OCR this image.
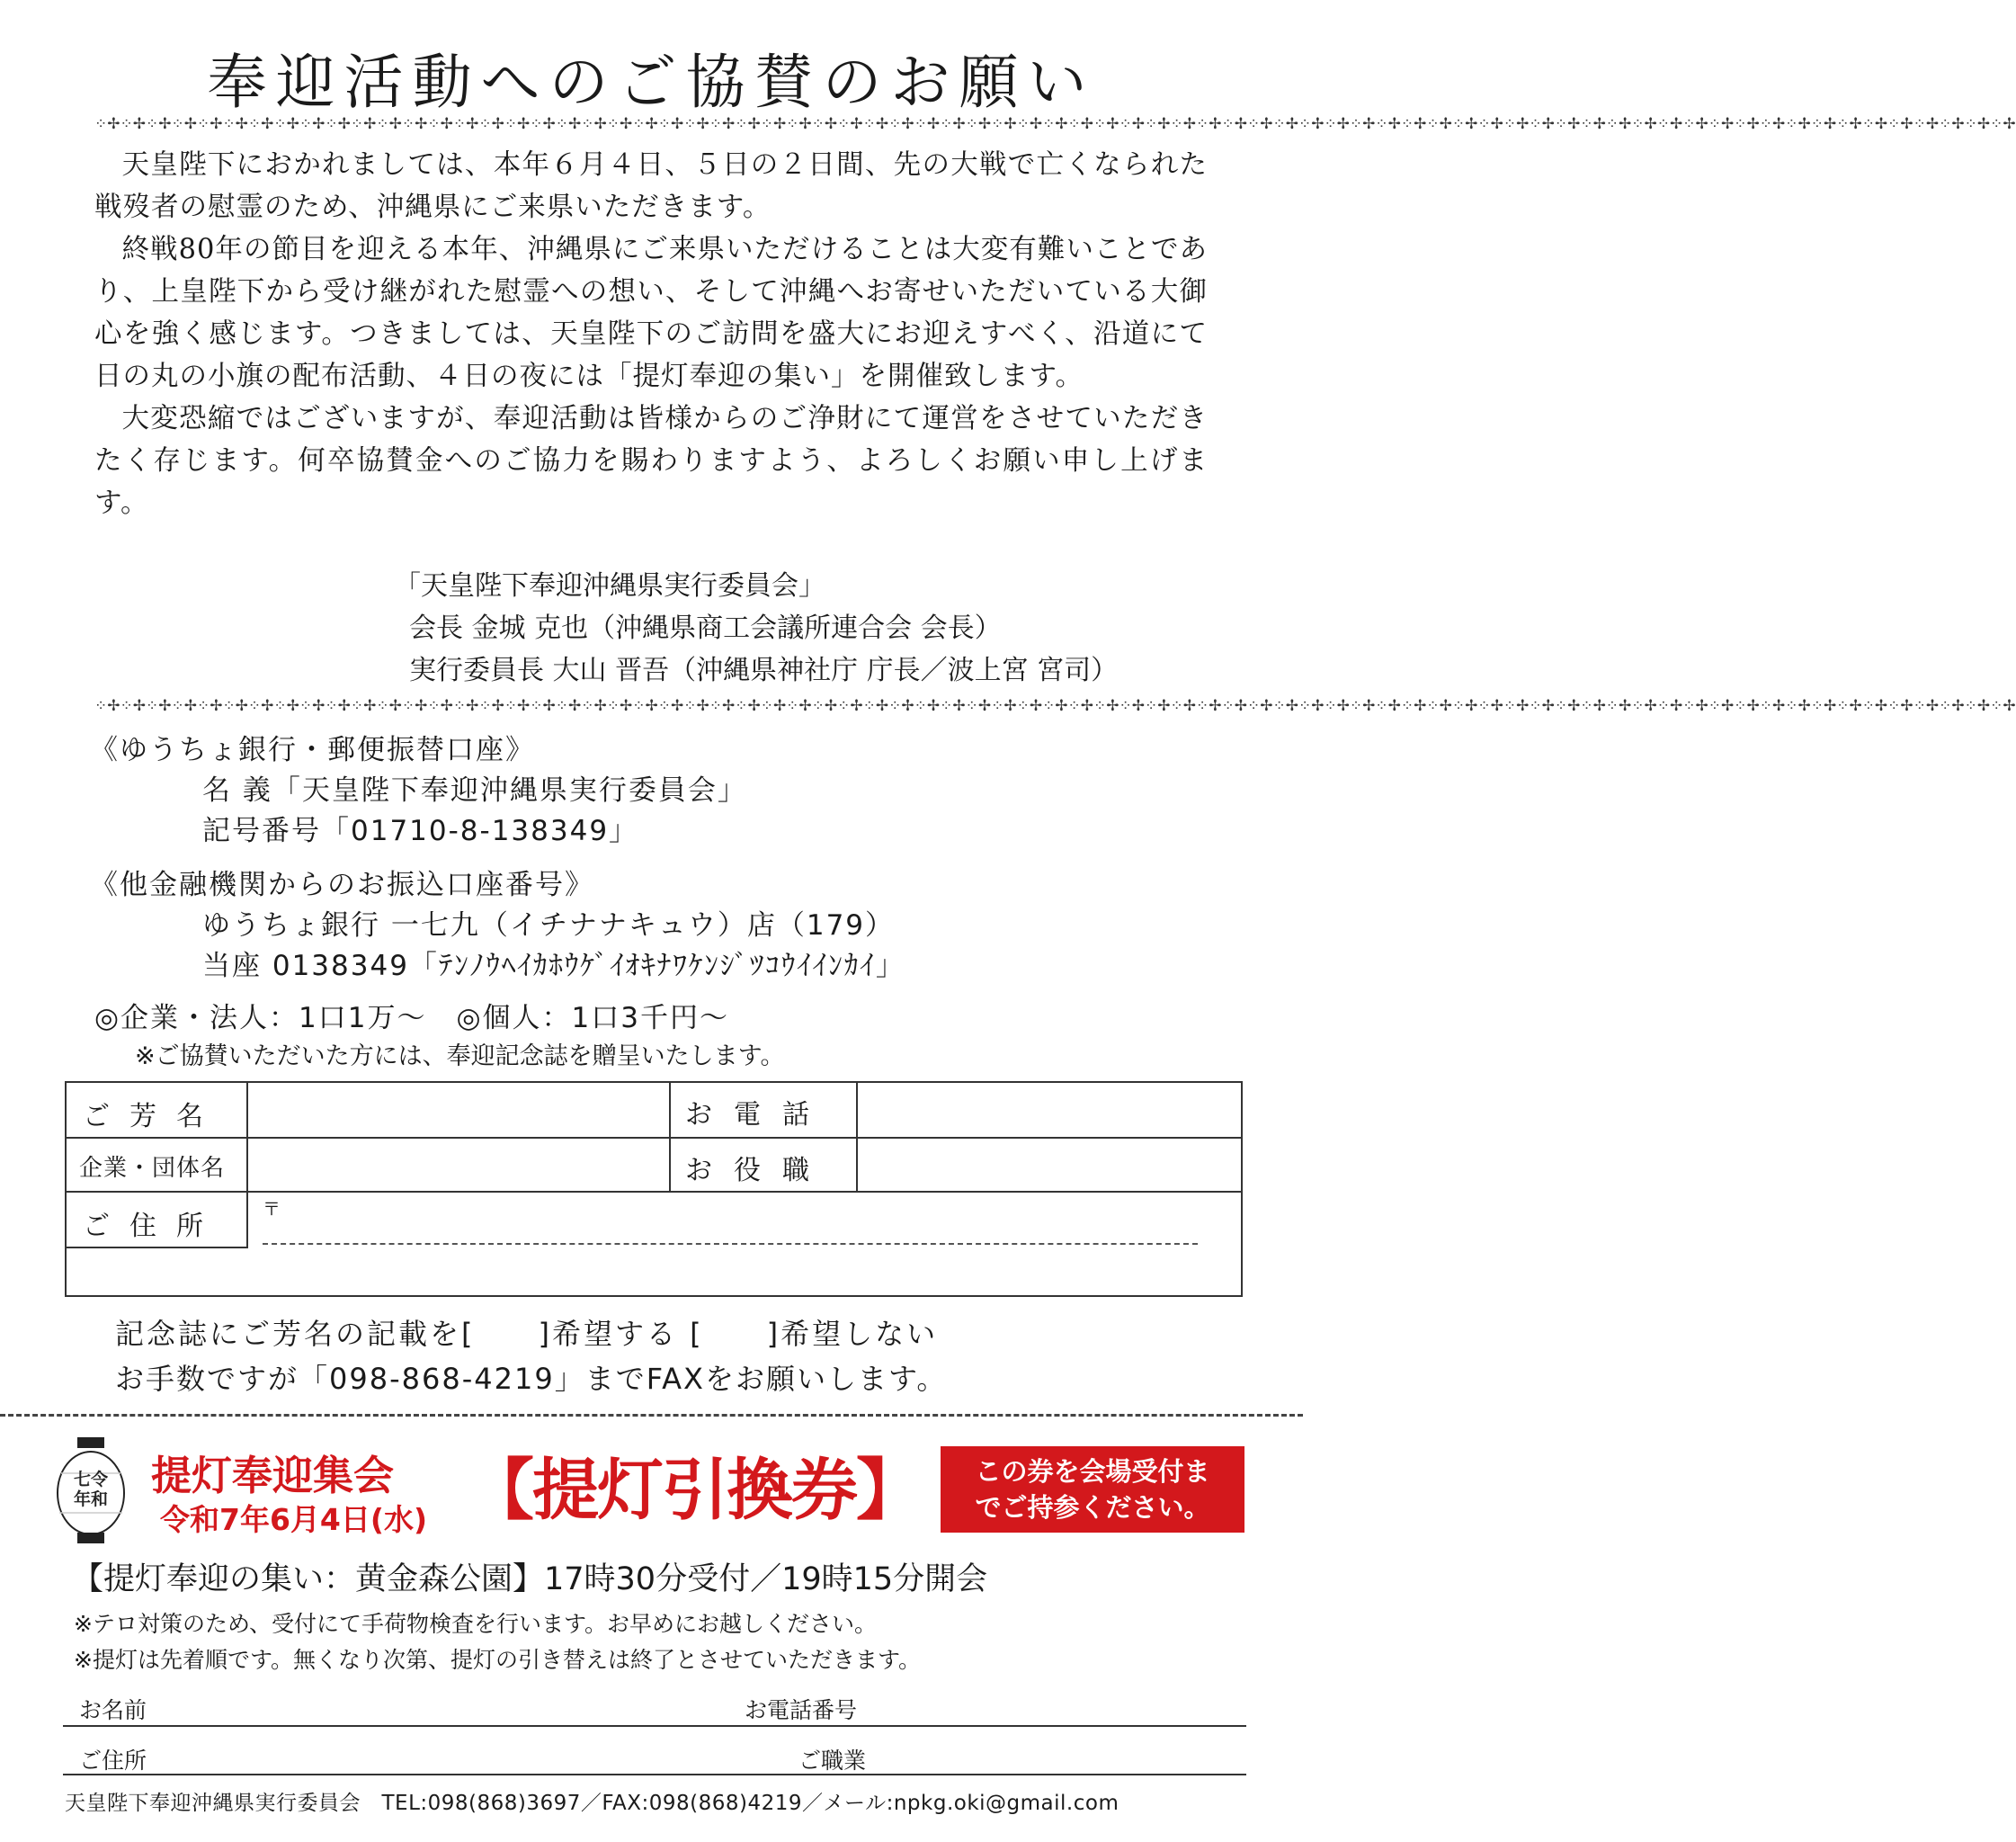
奉迎活動へのご協賛のお願い
⁘✢⁘✢⁘✢⁘✢⁘✢⁘✢⁘✢⁘✢⁘✢⁘✢⁘✢⁘✢⁘✢⁘✢⁘✢⁘✢⁘✢⁘✢⁘✢⁘✢⁘✢⁘✢⁘✢⁘✢⁘✢⁘✢⁘✢⁘✢⁘✢⁘✢⁘✢⁘✢⁘✢⁘✢⁘✢⁘✢⁘✢⁘✢⁘✢⁘✢⁘✢⁘✢⁘✢⁘✢⁘✢⁘✢⁘✢⁘✢⁘✢⁘✢⁘✢⁘✢⁘✢⁘✢⁘✢⁘✢⁘✢⁘✢⁘✢⁘✢⁘✢⁘✢⁘✢⁘✢⁘✢⁘✢⁘✢⁘✢⁘✢⁘✢⁘✢⁘✢⁘✢⁘✢⁘✢

天皇陛下におかれましては、本年６月４日、５日の２日間、先の大戦で亡くなられた戦歿者の慰霊のため、沖縄県にご来県いただきます。

終戦80年の節目を迎える本年、沖縄県にご来県いただけることは大変有難いことであり、上皇陛下から受け継がれた慰霊への想い、そして沖縄へお寄せいただいている大御心を強く感じます。つきましては、天皇陛下のご訪問を盛大にお迎えすべく、沿道にて日の丸の小旗の配布活動、４日の夜には「提灯奉迎の集い」を開催致します。

大変恐縮ではございますが、奉迎活動は皆様からのご浄財にて運営をさせていただきたく存じます。何卒協賛金へのご協力を賜わりますよう、よろしくお願い申し上げます。

「天皇陛下奉迎沖縄県実行委員会」
会長 金城 克也（沖縄県商工会議所連合会 会長）
実行委員長 大山 晋吾（沖縄県神社庁 庁長／波上宮 宮司）
⁘✢⁘✢⁘✢⁘✢⁘✢⁘✢⁘✢⁘✢⁘✢⁘✢⁘✢⁘✢⁘✢⁘✢⁘✢⁘✢⁘✢⁘✢⁘✢⁘✢⁘✢⁘✢⁘✢⁘✢⁘✢⁘✢⁘✢⁘✢⁘✢⁘✢⁘✢⁘✢⁘✢⁘✢⁘✢⁘✢⁘✢⁘✢⁘✢⁘✢⁘✢⁘✢⁘✢⁘✢⁘✢⁘✢⁘✢⁘✢⁘✢⁘✢⁘✢⁘✢⁘✢⁘✢⁘✢⁘✢⁘✢⁘✢⁘✢⁘✢⁘✢⁘✢⁘✢⁘✢⁘✢⁘✢⁘✢⁘✢⁘✢⁘✢⁘✢⁘✢⁘✢⁘✢⁘✢
《ゆうちょ銀行・郵便振替口座》
名 義「天皇陛下奉迎沖縄県実行委員会」
記号番号「01710-8-138349」
《他金融機関からのお振込口座番号》
ゆうちょ銀行 一七九（イチナナキュウ）店（179）
当座 0138349「ﾃﾝﾉｳﾍｲｶﾎｳｹﾞｲｵｷﾅﾜｹﾝｼﾞﾂｺｳｲｲﾝｶｲ」
◎企業・法人：1口1万～　◎個人：1口3千円～
※ご協賛いただいた方には、奉迎記念誌を贈呈いたします。
ご芳名	お電話
企業・団体名	お役職
ご住所
〒
記念誌にご芳名の記載を[　　]希望する [　　]希望しない
お手数ですが「098-868-4219」までFAXをお願いします。
七令
年和 提灯奉迎集会
令和7年6月4日(水) 【提灯引換券】	この券を会場受付ま
でご持参ください。
【提灯奉迎の集い：黄金森公園】17時30分受付／19時15分開会
※テロ対策のため、受付にて手荷物検査を行います。お早めにお越しください。
※提灯は先着順です。無くなり次第、提灯の引き替えは終了とさせていただきます。
お名前	お電話番号
ご住所	ご職業
天皇陛下奉迎沖縄県実行委員会　TEL:098(868)3697／FAX:098(868)4219／メール:npkg.oki@gmail.com
